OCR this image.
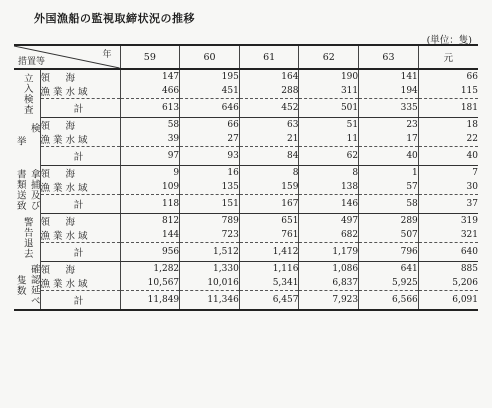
外国漁船の監視取締状況の推移
(単位：隻)
年
措置等		59	60	61	62	63	元
立入検査	領　海	147	195	164	190	141	66
	漁業水域	466	451	288	311	194	115
	計	613	646	452	501	335	181

検
挙	領　海	58	66	63	51	23	18
	漁業水域	39	27	21	11	17	22
	計	97	93	84	62	40	40
拿捕及び書類送致	領　海	9	16	8	8	1	7
	漁業水域	109	135	159	138	57	30
	計	118	151	167	146	58	37
警告退去	領　海	812	789	651	497	289	319
	漁業水域	144	723	761	682	507	321
	計	956	1,512	1,412	1,179	796	640
確認延べ隻数	領　海	1,282	1,330	1,116	1,086	641	885
	漁業水域	10,567	10,016	5,341	6,837	5,925	5,206
	計	11,849	11,346	6,457	7,923	6,566	6,091
